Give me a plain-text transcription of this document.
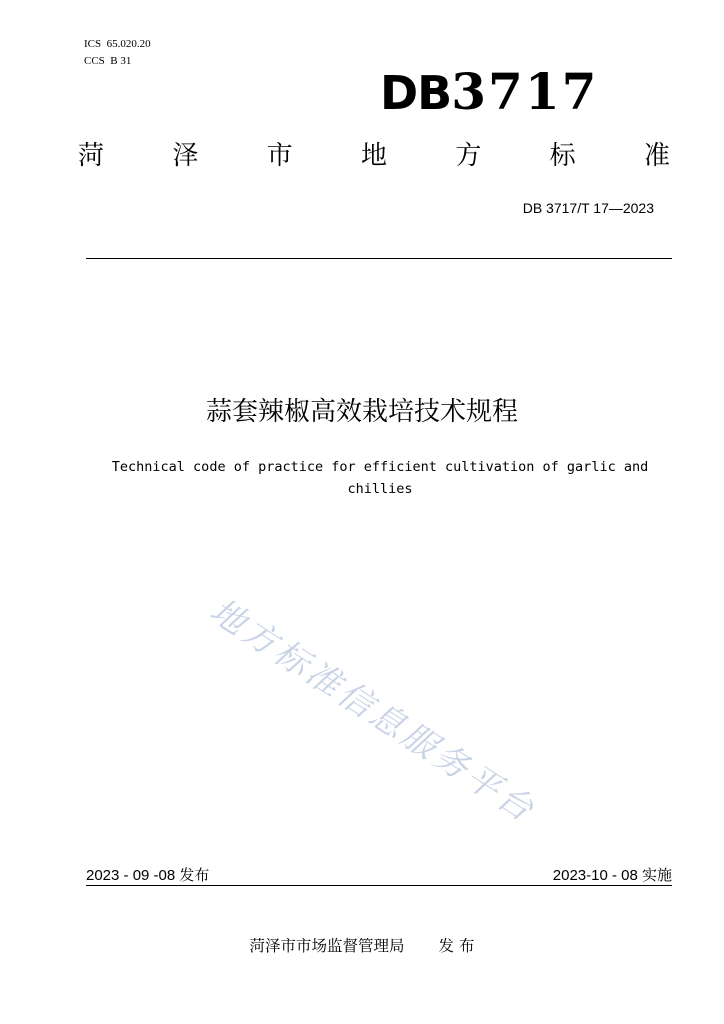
ICS  65.020.20
CCS  B 31
DB3717
菏	泽	市	地	方	标	准
DB 3717/T 17—2023
蒜套辣椒高效栽培技术规程
Technical code of practice for efficient cultivation of garlic and
chillies
地方标准信息服务平台
2023 - 09 -08 发布	2023-10 - 08 实施
菏泽市市场监督管理局 发 布
